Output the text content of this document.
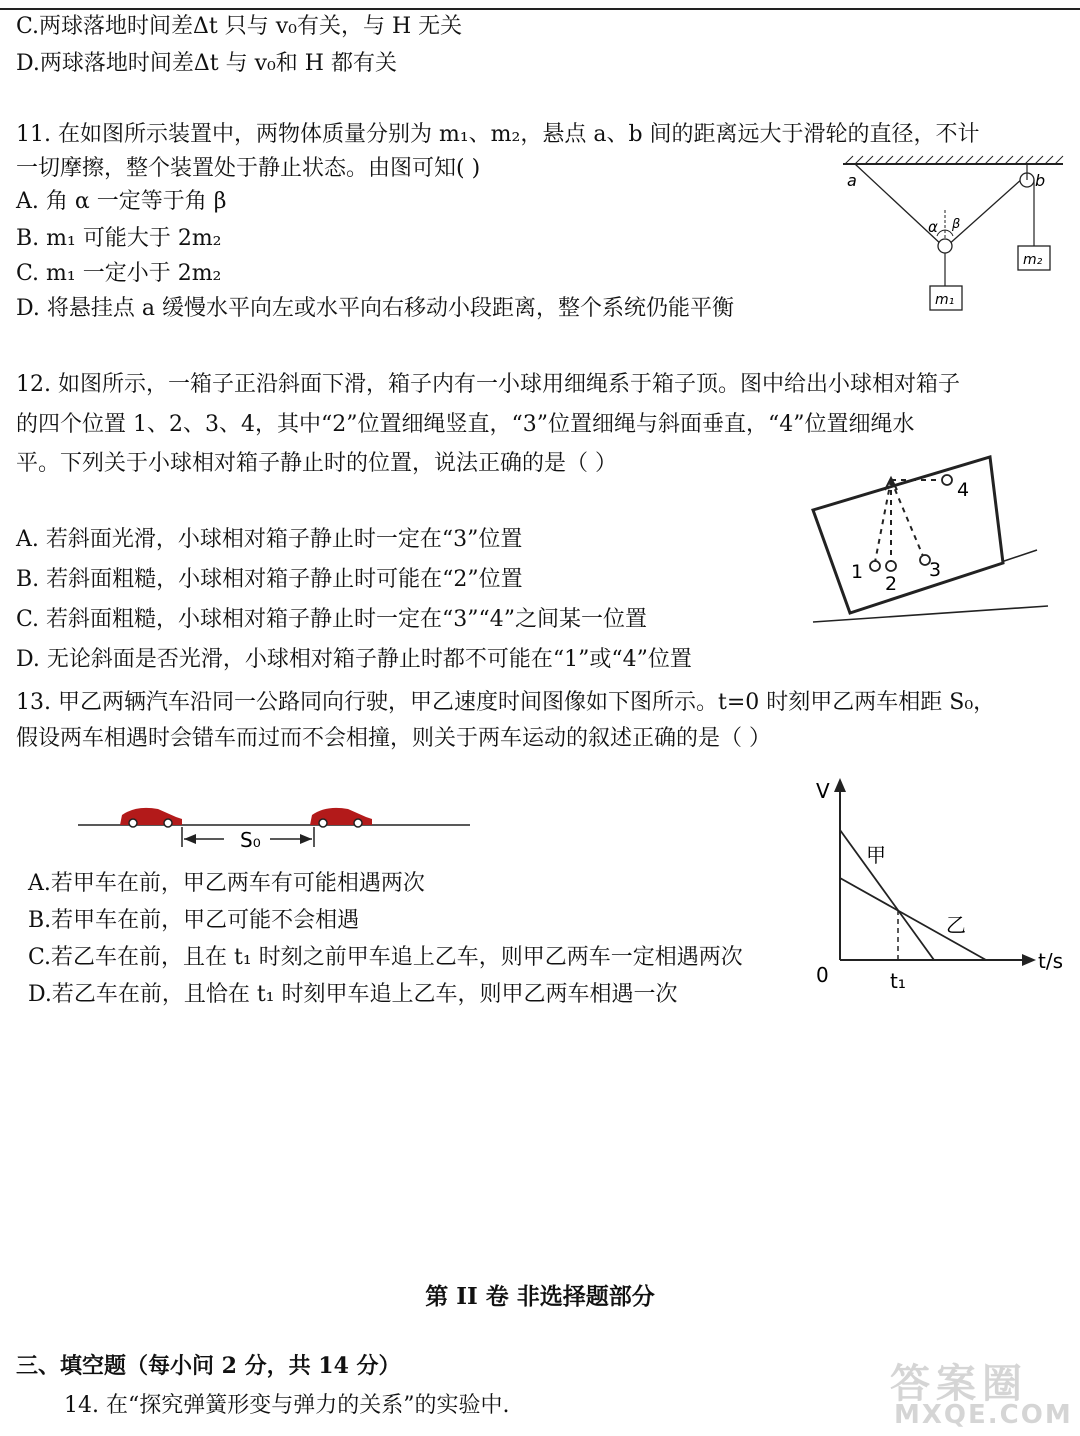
C.两球落地时间差Δt 只与 v₀有关，与 H 无关
D.两球落地时间差Δt 与 v₀和 H 都有关
11. 在如图所示装置中，两物体质量分别为 m₁、m₂，悬点 a、b 间的距离远大于滑轮的直径，不计
一切摩擦，整个装置处于静止状态。由图可知( )
A. 角 α 一定等于角 β
B. m₁ 可能大于 2m₂
C. m₁ 一定小于 2m₂
D. 将悬挂点 a 缓慢水平向左或水平向右移动小段距离，整个系统仍能平衡
a	b
m₂
m₁
α β
12. 如图所示，一箱子正沿斜面下滑，箱子内有一小球用细绳系于箱子顶。图中给出小球相对箱子
的四个位置 1、2、3、4，其中“2”位置细绳竖直，“3”位置细绳与斜面垂直，“4”位置细绳水
平。下列关于小球相对箱子静止时的位置，说法正确的是（ ）
A. 若斜面光滑，小球相对箱子静止时一定在“3”位置
B. 若斜面粗糙，小球相对箱子静止时可能在“2”位置
C. 若斜面粗糙，小球相对箱子静止时一定在“3”“4”之间某一位置
D. 无论斜面是否光滑，小球相对箱子静止时都不可能在“1”或“4”位置
1
2
3
4
13. 甲乙两辆汽车沿同一公路同向行驶，甲乙速度时间图像如下图所示。t=0 时刻甲乙两车相距 S₀，
假设两车相遇时会错车而过而不会相撞，则关于两车运动的叙述正确的是（ ）
S₀
A.若甲车在前，甲乙两车有可能相遇两次
B.若甲车在前，甲乙可能不会相遇
C.若乙车在前，且在 t₁ 时刻之前甲车追上乙车，则甲乙两车一定相遇两次
D.若乙车在前，且恰在 t₁ 时刻甲车追上乙车，则甲乙两车相遇一次
V
t/s
0
甲
乙
t₁
第 II 卷 非选择题部分
三、填空题（每小问 2 分，共 14 分）
14. 在“探究弹簧形变与弹力的关系”的实验中.	答案圈
MXQE.COM
